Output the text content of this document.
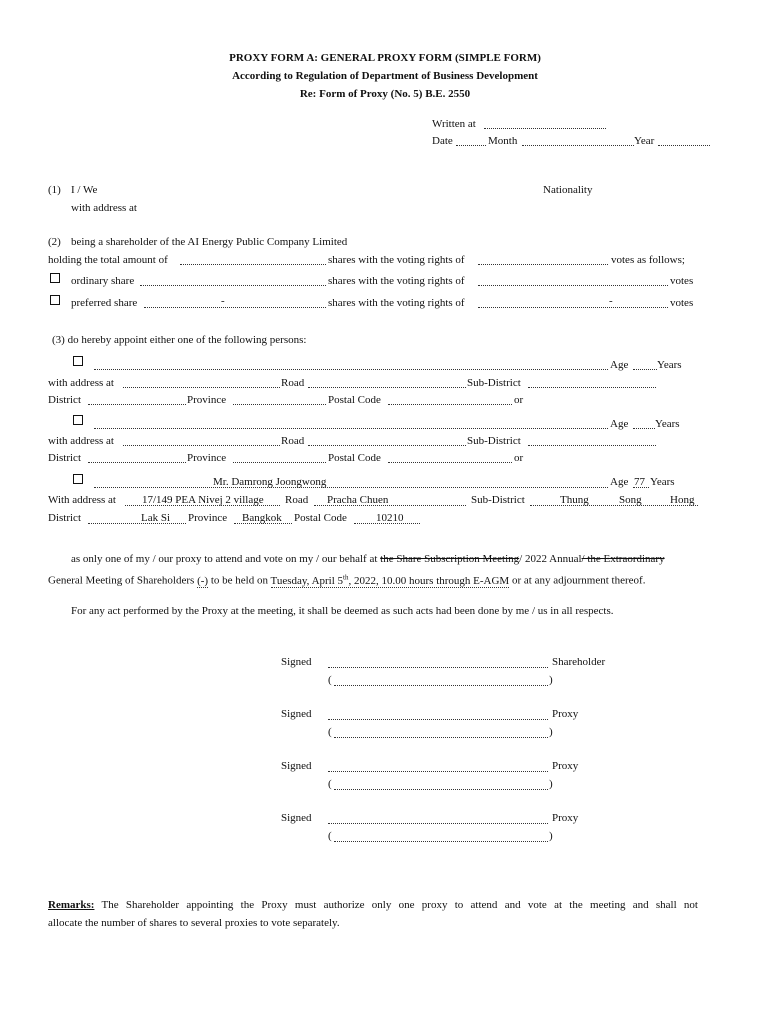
PROXY FORM A: GENERAL PROXY FORM (SIMPLE FORM)
According to Regulation of Department of Business Development
Re: Form of Proxy (No. 5) B.E. 2550
Written at
Date	Month	Year
(1) I / We	Nationality
with address at
(2) being a shareholder of the AI Energy Public Company Limited
holding the total amount of	shares with the voting rights of	votes as follows;
ordinary share	shares with the voting rights of	votes
preferred share	-	shares with the voting rights of	-	votes
(3) do hereby appoint either one of the following persons:
Age	Years
with address at	Road	Sub-District
District	Province	Postal Code	or
Age Years
with address at	Road	Sub-District
District	Province	Postal Code	or
Mr. Damrong Joongwong	Age 77 Years
With address at 17/149 PEA Nivej 2 village Road Pracha Chuen	Sub-District	Thung	Song	Hong
District	Lak Si Province Bangkok Postal Code	10210
as only one of my / our proxy to attend and vote on my / our behalf at the Share Subscription Meeting/ 2022 Annual/ the Extraordinary
General Meeting of Shareholders (-) to be held on Tuesday, April 5th, 2022, 10.00 hours through E-AGM or at any adjournment thereof.
For any act performed by the Proxy at the meeting, it shall be deemed as such acts had been done by me / us in all respects.
Signed	Shareholder
(	)
Signed	Proxy
(	)
Signed	Proxy
(	)
Signed	Proxy
(	)
Remarks: The Shareholder appointing the Proxy must authorize only one proxy to attend and vote at the meeting and shall not
allocate the number of shares to several proxies to vote separately.
